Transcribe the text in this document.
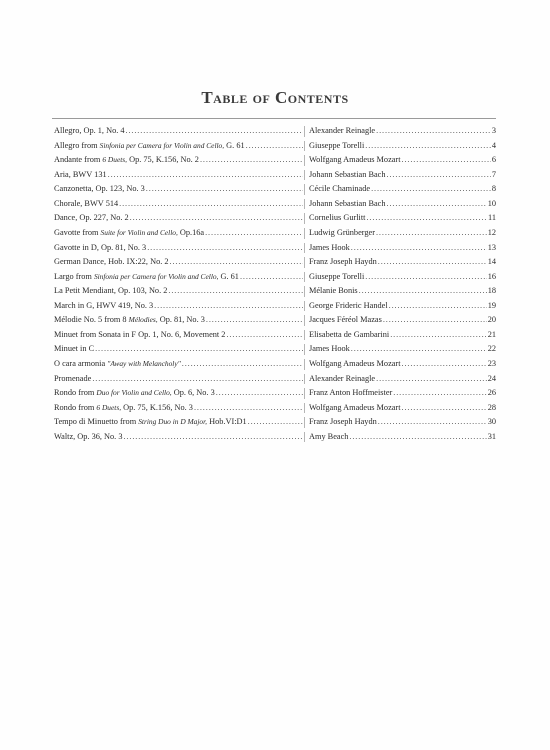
Table of Contents
Allegro, Op. 1, No. 4 . . .	Alexander Reinagle . . .	3
Allegro from Sinfonia per Camera for Violin and Cello, G. 61 . . .	Giuseppe Torelli . . .	4
Andante from 6 Duets, Op. 75, K.156, No. 2 . . .	Wolfgang Amadeus Mozart . . .	6
Aria, BWV 131 . . .	Johann Sebastian Bach . . .	7
Canzonetta, Op. 123, No. 3 . . .	Cécile Chaminade . . .	8
Chorale, BWV 514 . . .	Johann Sebastian Bach . . .	10
Dance, Op. 227, No. 2 . . .	Cornelius Gurlitt . . .	11
Gavotte from Suite for Violin and Cello, Op.16a . . .	Ludwig Grünberger . . .	12
Gavotte in D, Op. 81, No. 3 . . .	James Hook . . .	13
German Dance, Hob. IX:22, No. 2 . . .	Franz Joseph Haydn . . .	14
Largo from Sinfonia per Camera for Violin and Cello, G. 61 . . .	Giuseppe Torelli . . .	16
La Petit Mendiant, Op. 103, No. 2 . . .	Mélanie Bonis . . .	18
March in G, HWV 419, No. 3 . . .	George Frideric Handel . . .	19
Mélodie No. 5 from 8 Mélodies, Op. 81, No. 3 . . .	Jacques Féréol Mazas . . .	20
Minuet from Sonata in F Op. 1, No. 6, Movement 2 . . .	Elisabetta de Gambarini . . .	21
Minuet in C . . .	James Hook . . .	22
O cara armonia "Away with Melancholy" . . .	Wolfgang Amadeus Mozart . . .	23
Promenade . . .	Alexander Reinagle . . .	24
Rondo from Duo for Violin and Cello, Op. 6, No. 3 . . .	Franz Anton Hoffmeister . . .	26
Rondo from 6 Duets, Op. 75, K.156, No. 3 . . .	Wolfgang Amadeus Mozart . . .	28
Tempo di Minuetto from String Duo in D Major, Hob.VI:D1 . . .	Franz Joseph Haydn . . .	30
Waltz, Op. 36, No. 3 . . .	Amy Beach . . .	31
